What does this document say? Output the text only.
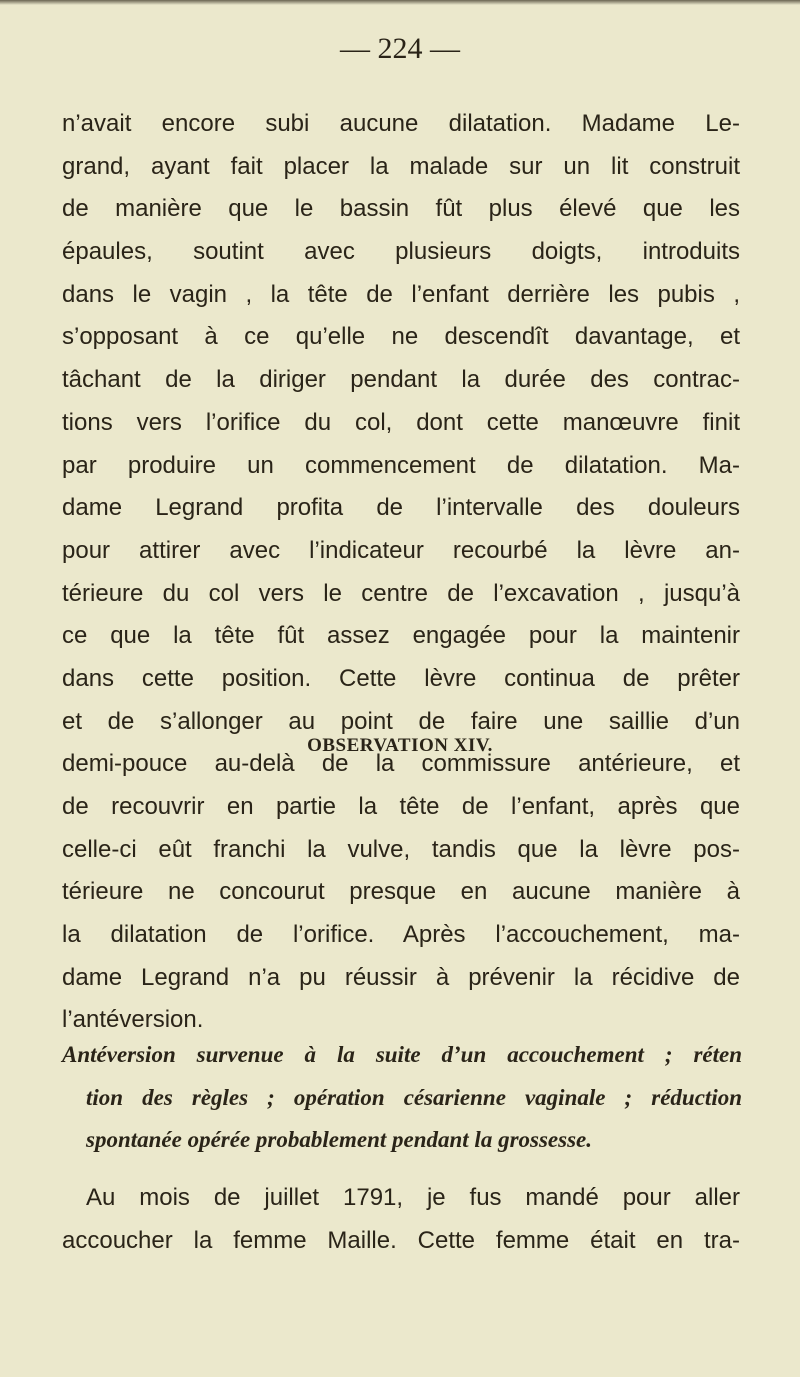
— 224 —
n’avait encore subi aucune dilatation. Madame Le-
grand, ayant fait placer la malade sur un lit construit
de manière que le bassin fût plus élevé que les
épaules, soutint avec plusieurs doigts, introduits
dans le vagin , la tête de l’enfant derrière les pubis ,
s’opposant à ce qu’elle ne descendît davantage, et
tâchant de la diriger pendant la durée des contrac-
tions vers l’orifice du col, dont cette manœuvre finit
par produire un commencement de dilatation. Ma-
dame Legrand profita de l’intervalle des douleurs
pour attirer avec l’indicateur recourbé la lèvre an-
térieure du col vers le centre de l’excavation , jusqu’à
ce que la tête fût assez engagée pour la maintenir
dans cette position. Cette lèvre continua de prêter
et de s’allonger au point de faire une saillie d’un
demi-pouce au-delà de la commissure antérieure, et
de recouvrir en partie la tête de l’enfant, après que
celle-ci eût franchi la vulve, tandis que la lèvre pos-
térieure ne concourut presque en aucune manière à
la dilatation de l’orifice. Après l’accouchement, ma-
dame Legrand n’a pu réussir à prévenir la récidive de
l’antéversion.
OBSERVATION XIV.
Antéversion survenue à la suite d’un accouchement ; réten
tion des règles ; opération césarienne vaginale ; réduction
spontanée opérée probablement pendant la grossesse.
Au mois de juillet 1791, je fus mandé pour aller
accoucher la femme Maille. Cette femme était en tra-
